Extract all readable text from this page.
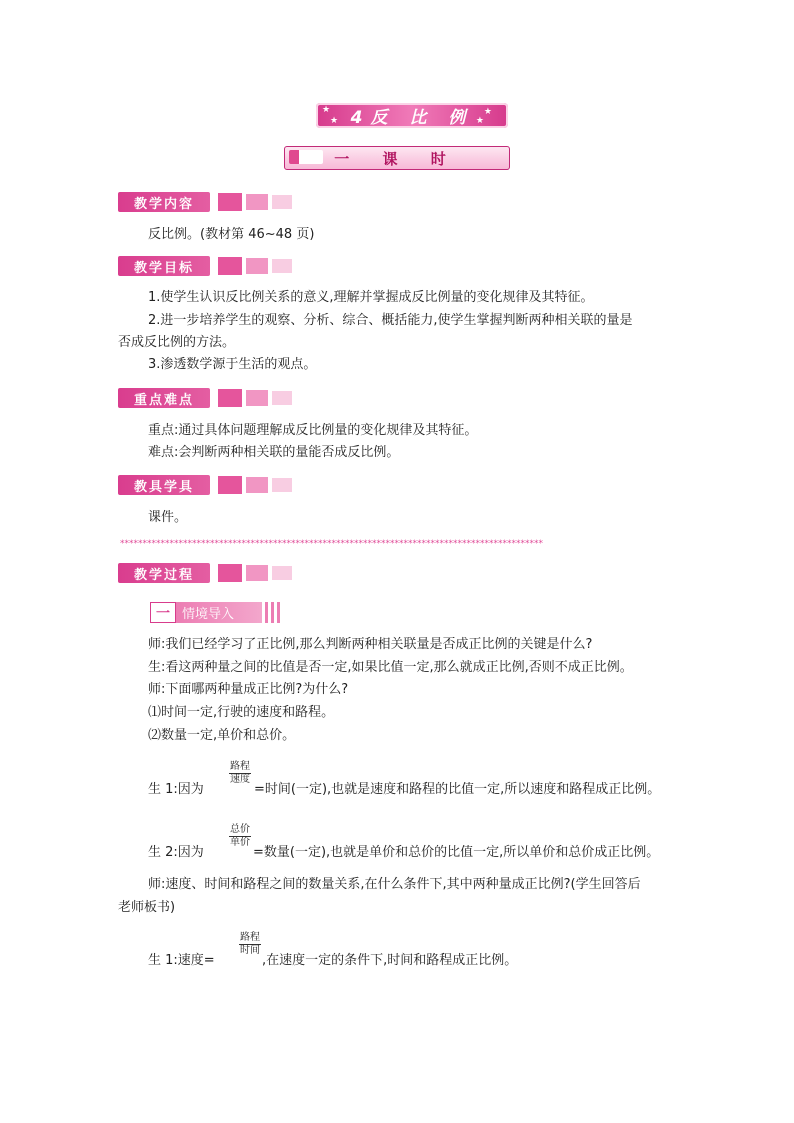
★
★ 4反 比 例 ★
★
一 课 时
教学内容
反比例。(教材第 46~48 页)
教学目标
1.使学生认识反比例关系的意义,理解并掌握成反比例量的变化规律及其特征。
2.进一步培养学生的观察、分析、综合、概括能力,使学生掌握判断两种相关联的量是
否成反比例的方法。
3.渗透数学源于生活的观点。
重点难点
重点:通过具体问题理解成反比例量的变化规律及其特征。
难点:会判断两种相关联的量能否成反比例。
教具学具
课件。
**********************************************************************************************
教学过程
一 情境导入
师:我们已经学习了正比例,那么判断两种相关联量是否成正比例的关键是什么?
生:看这两种量之间的比值是否一定,如果比值一定,那么就成正比例,否则不成正比例。
师:下面哪两种量成正比例?为什么?
⑴时间一定,行驶的速度和路程。
⑵数量一定,单价和总价。
生 1:因为
路程
速度
=时间(一定),也就是速度和路程的比值一定,所以速度和路程成正比例。
生 2:因为
总价
单价
=数量(一定),也就是单价和总价的比值一定,所以单价和总价成正比例。
师:速度、时间和路程之间的数量关系,在什么条件下,其中两种量成正比例?(学生回答后
老师板书)
生 1:速度=
路程
时间
,在速度一定的条件下,时间和路程成正比例。
